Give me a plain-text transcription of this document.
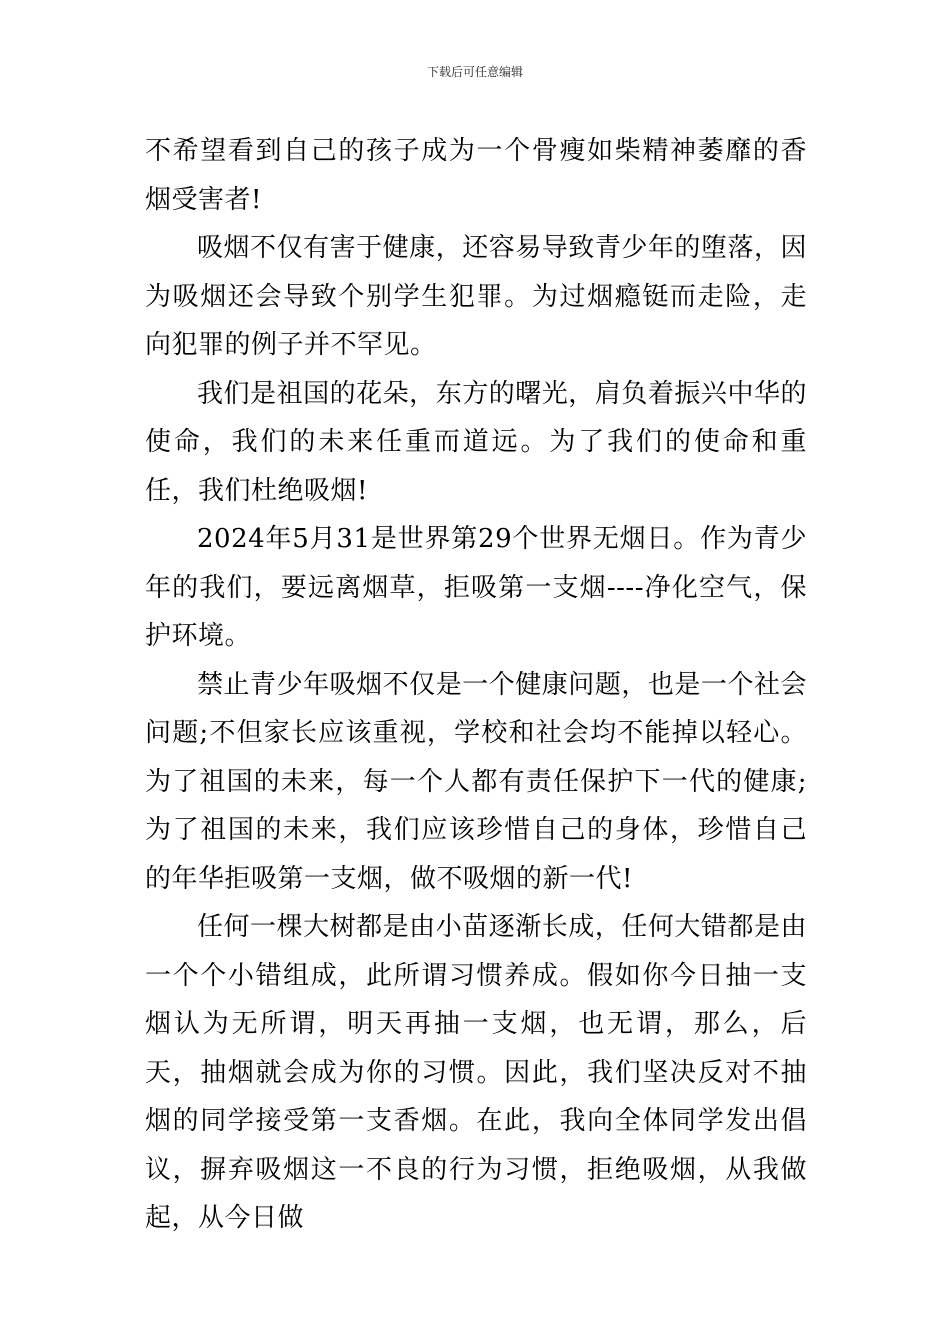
下载后可任意编辑

不希望看到自己的孩子成为一个骨瘦如柴精神萎靡的香烟受害者!

吸烟不仅有害于健康，还容易导致青少年的堕落，因为吸烟还会导致个别学生犯罪。为过烟瘾铤而走险，走向犯罪的例子并不罕见。

我们是祖国的花朵，东方的曙光，肩负着振兴中华的使命，我们的未来任重而道远。为了我们的使命和重任，我们杜绝吸烟!

2024年5月31是世界第29个世界无烟日。作为青少年的我们，要远离烟草，拒吸第一支烟----净化空气，保护环境。

禁止青少年吸烟不仅是一个健康问题，也是一个社会问题;不但家长应该重视，学校和社会均不能掉以轻心。为了祖国的未来，每一个人都有责任保护下一代的健康;为了祖国的未来，我们应该珍惜自己的身体，珍惜自己的年华拒吸第一支烟，做不吸烟的新一代!

任何一棵大树都是由小苗逐渐长成，任何大错都是由一个个小错组成，此所谓习惯养成。假如你今日抽一支烟认为无所谓，明天再抽一支烟，也无谓，那么，后天，抽烟就会成为你的习惯。因此，我们坚决反对不抽烟的同学接受第一支香烟。在此，我向全体同学发出倡议，摒弃吸烟这一不良的行为习惯，拒绝吸烟，从我做起，从今日做
